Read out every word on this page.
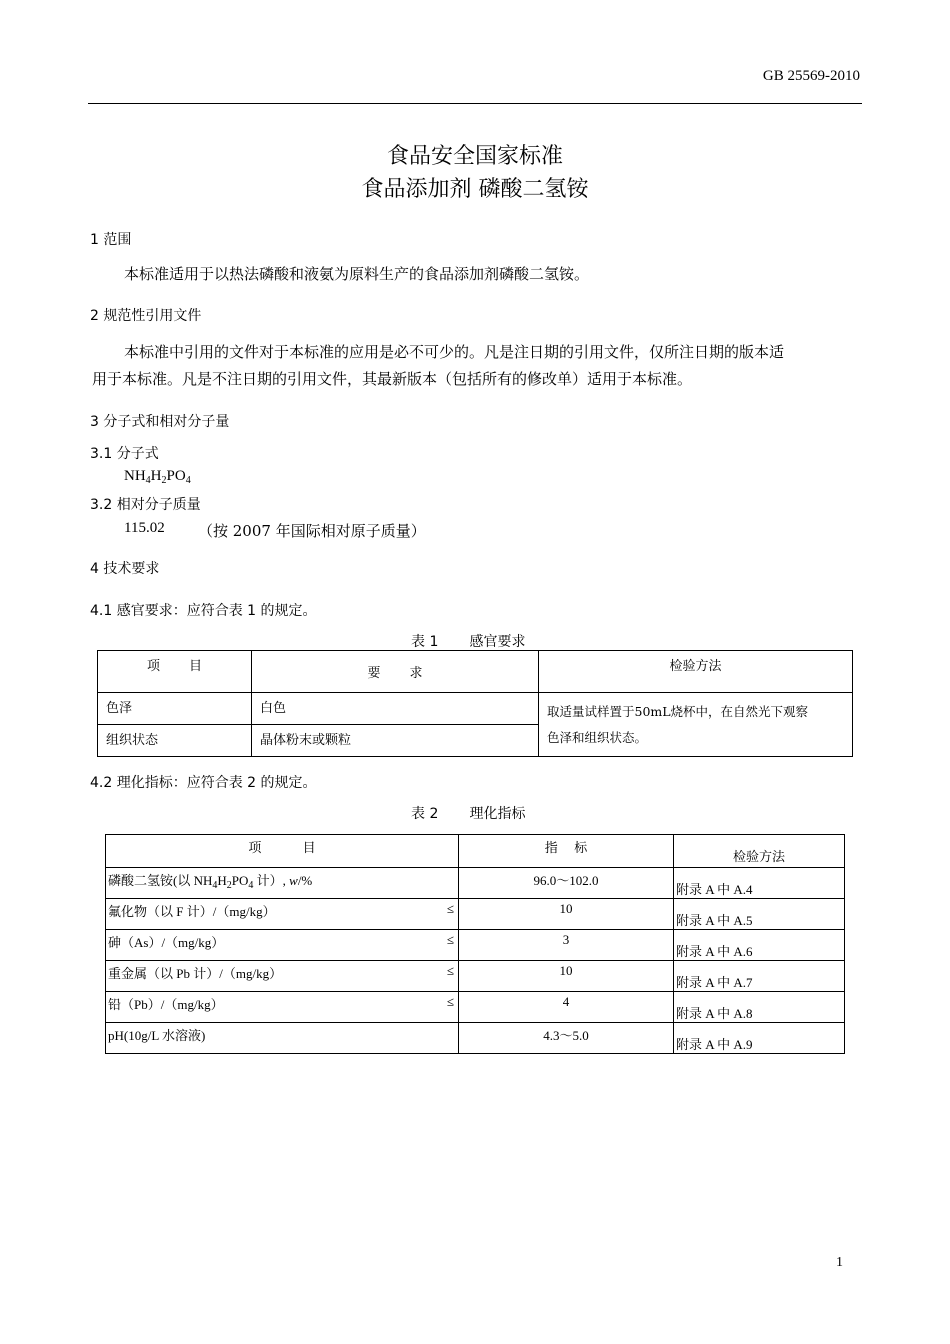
GB 25569-2010
食品安全国家标准
食品添加剂 磷酸二氢铵
1 范围
本标准适用于以热法磷酸和液氨为原料生产的食品添加剂磷酸二氢铵。
2 规范性引用文件
本标准中引用的文件对于本标准的应用是必不可少的。凡是注日期的引用文件，仅所注日期的版本适
用于本标准。凡是不注日期的引用文件，其最新版本（包括所有的修改单）适用于本标准。
3 分子式和相对分子量
3.1 分子式
$NH_4H_2PO_4$
3.2 相对分子质量
115.02 （按 2007 年国际相对原子质量）
4 技术要求
4.1 感官要求：应符合表 1 的规定。
表 1       感官要求
项       目	要       求	检验方法
色泽	白色	取适量试样置于50mL烧杯中，在自然光下观察
色泽和组织状态。

组织状态	晶体粉末或颗粒	
4.2 理化指标：应符合表 2 的规定。
表 2       理化指标
项          目	指    标	检验方法
磷酸二氢铵(以 $NH_4H_2PO_4$ 计）, w/%	96.0～102.0	附录 A 中 A.4
氟化物（以 F 计）/（mg/kg） ≤	10	附录 A 中 A.5
砷（As）/（mg/kg） ≤	3	附录 A 中 A.6
重金属（以 Pb 计）/（mg/kg） ≤	10	附录 A 中 A.7
铅（Pb）/（mg/kg） ≤	4	附录 A 中 A.8
pH(10g/L 水溶液)	4.3～5.0	附录 A 中 A.9
1
